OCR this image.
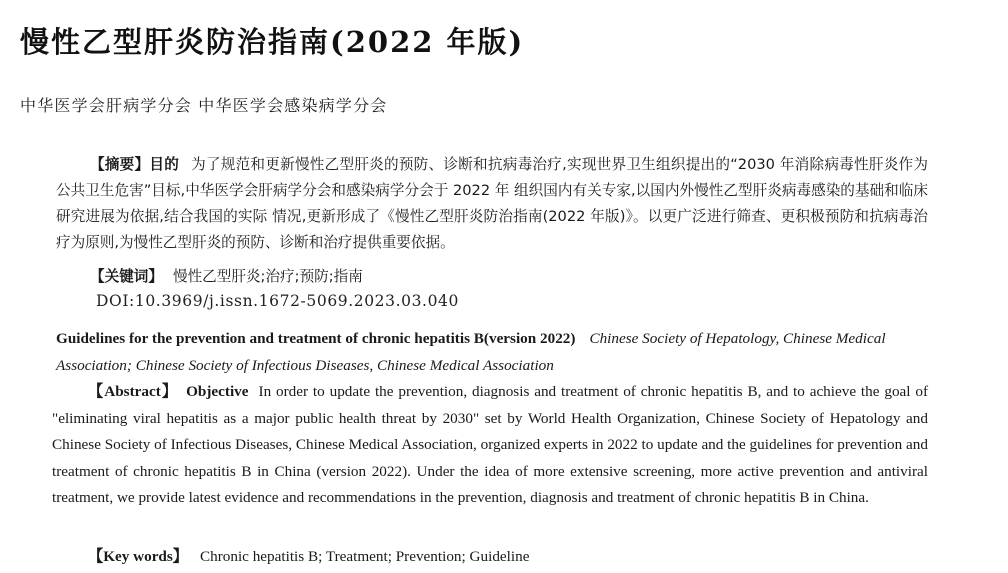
慢性乙型肝炎防治指南(2022 年版)
中华医学会肝病学分会 中华医学会感染病学分会

【摘要】目的 为了规范和更新慢性乙型肝炎的预防、诊断和抗病毒治疗,实现世界卫生组织提出的“2030 年消除病毒性肝炎作为公共卫生危害”目标,中华医学会肝病学分会和感染病学分会于 2022 年 组织国内有关专家,以国内外慢性乙型肝炎病毒感染的基础和临床研究进展为依据,结合我国的实际 情况,更新形成了《慢性乙型肝炎防治指南(2022 年版)》。以更广泛进行筛查、更积极预防和抗病毒治疗为原则,为慢性乙型肝炎的预防、诊断和治疗提供重要依据。

【关键词】 慢性乙型肝炎;治疗;预防;指南
DOI:10.3969/j.issn.1672-5069.2023.03.040

Guidelines for the prevention and treatment of chronic hepatitis B(version 2022) Chinese Society of Hepatology, Chinese Medical Association; Chinese Society of Infectious Diseases, Chinese Medical Association

【Abstract】 Objective In order to update the prevention, diagnosis and treatment of chronic hepatitis B, and to achieve the goal of "eliminating viral hepatitis as a major public health threat by 2030" set by World Health Organization, Chinese Society of Hepatology and Chinese Society of Infectious Diseases, Chinese Medical Association, organized experts in 2022 to update and the guidelines for prevention and treatment of chronic hepatitis B in China (version 2022). Under the idea of more extensive screening, more active prevention and antiviral treatment, we provide latest evidence and recommendations in the prevention, diagnosis and treatment of chronic hepatitis B in China.

【Key words】 Chronic hepatitis B; Treatment; Prevention; Guideline
